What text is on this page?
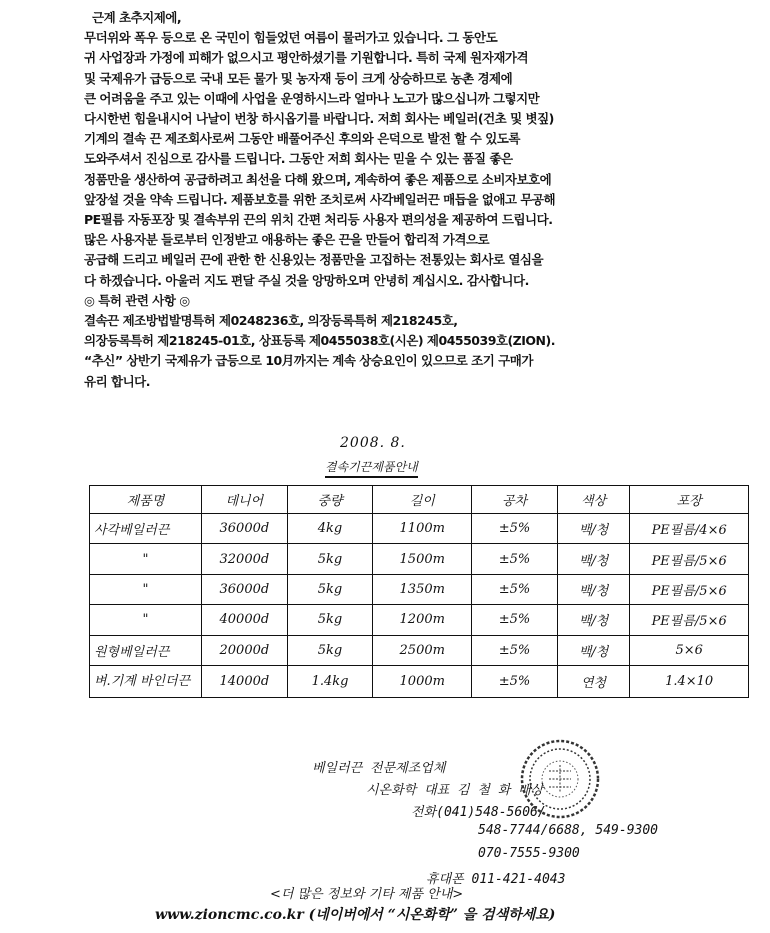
근계 초추지제에,

무더위와 폭우 등으로 온 국민이 힘들었던 여름이 물러가고 있습니다. 그 동안도

귀 사업장과 가정에 피해가 없으시고 평안하셨기를 기원합니다. 특히 국제 원자재가격

및 국제유가 급등으로 국내 모든 물가 및 농자재 등이 크게 상승하므로 농촌 경제에

큰 어려움을 주고 있는 이때에 사업을 운영하시느라 얼마나 노고가 많으십니까 그렇지만

다시한번 힘을내시어 나날이 번창 하시옵기를 바랍니다. 저희 회사는 베일러(건초 및 볏짚)

기계의 결속 끈 제조회사로써 그동안 배풀어주신 후의와 은덕으로 발전 할 수 있도록

도와주셔서 진심으로 감사를 드립니다. 그동안 저희 회사는 믿을 수 있는 품질 좋은

정품만을 생산하여 공급하려고 최선을 다해 왔으며, 계속하여 좋은 제품으로 소비자보호에

앞장설 것을 약속 드립니다. 제품보호를 위한 조치로써 사각베일러끈 매듭을 없애고 무공해

PE필름 자동포장 및 결속부위 끈의 위치 간편 처리등 사용자 편의성을 제공하여 드립니다.

많은 사용자분 들로부터 인정받고 애용하는 좋은 끈을 만들어 합리적 가격으로

공급해 드리고 베일러 끈에 관한 한 신용있는 정품만을 고집하는 전통있는 회사로 열심을

다 하겠습니다. 아울러 지도 편달 주실 것을 앙망하오며 안녕히 계십시오. 감사합니다.

◎ 특허 관련 사항 ◎

결속끈 제조방법발명특허 제0248236호, 의장등록특허 제218245호,

의장등록특허 제218245-01호, 상표등록 제0455038호(시온) 제0455039호(ZION).

“추신” 상반기 국제유가 급등으로 10月까지는 계속 상승요인이 있으므로 조기 구매가

유리 합니다.

2008. 8.
결속기끈제품안내
제품명	데니어	중량	길이	공차	색상	포장
사각베일러끈	36000d	4kg	1100m	±5%	백/청	PE필름/4×6
"	32000d	5kg	1500m	±5%	백/청	PE필름/5×6
"	36000d	5kg	1350m	±5%	백/청	PE필름/5×6
"	40000d	5kg	1200m	±5%	백/청	PE필름/5×6
원형베일러끈	20000d	5kg	2500m	±5%	백/청	5×6
벼.기계 바인더끈	14000d	1.4kg	1000m	±5%	연청	1.4×10
베일러끈 전문제조업체
시온화학 대표 김 철 화 배상
전화(041)548-5606/
548-7744/6688, 549-9300
070-7555-9300
휴대폰 011-421-4043
<더 많은 정보와 기타 제품 안내>
www.zioncmc.co.kr (네이버에서 “시온화학” 을 검색하세요)
